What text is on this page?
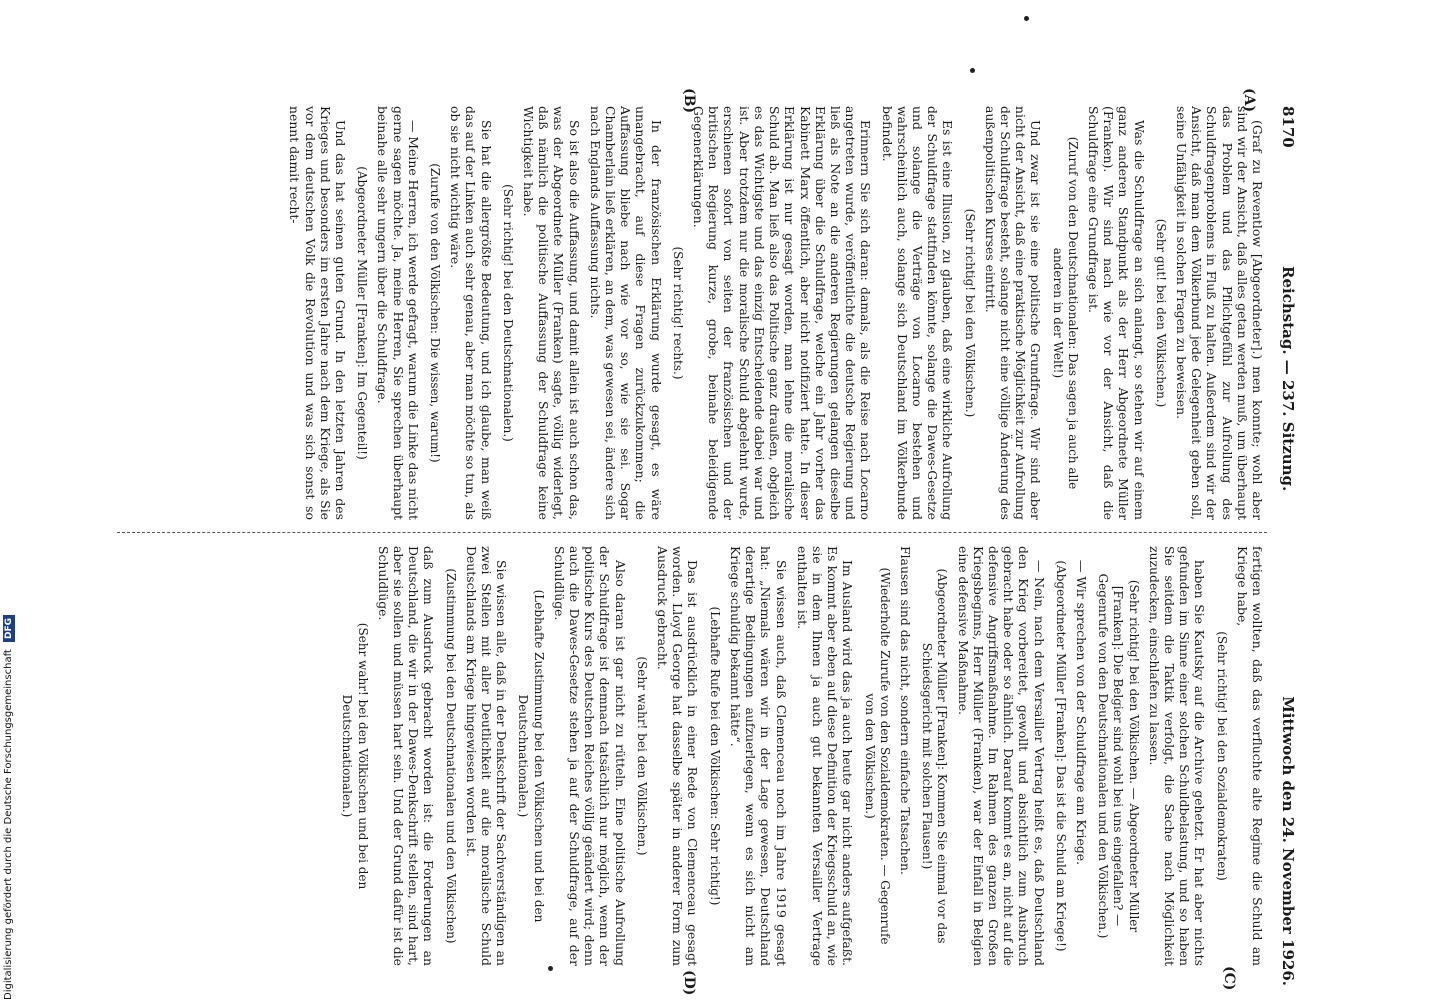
8170
Reichstag. — 237. Sitzung.
Mittwoch den 24. November 1926.
(A)
(B)
(C)
(D)

(Graf zu Reventlow [Abgeordneter].) men konnte; wohl aber sind wir der Ansicht, daß alles getan werden muß, um überhaupt das Problem und das Pflichtgefühl zur Aufrollung des Schuldfragenproblems in Fluß zu halten. Außerdem sind wir der Ansicht, daß man dem Völkerbund jede Gelegenheit geben soll, seine Unfähigkeit in solchen Fragen zu beweisen.

(Sehr gut! bei den Völkischen.)

Was die Schuldfrage an sich anlangt, so stehen wir auf einem ganz anderen Standpunkt als der Herr Abgeordnete Müller (Franken). Wir sind nach wie vor der Ansicht, daß die Schuldfrage eine Grundfrage ist.

(Zuruf von den Deutschnationalen: Das sagen ja auch alle anderen in der Welt!)

Und zwar ist sie eine politische Grundfrage. Wir sind aber nicht der Ansicht, daß eine praktische Möglichkeit zur Aufrollung der Schuldfrage besteht, solange nicht eine völlige Änderung des außenpolitischen Kurses eintritt.

(Sehr richtig! bei den Völkischen.)

Es ist eine Illusion, zu glauben, daß eine wirkliche Aufrollung der Schuldfrage stattfinden könnte, solange die Dawes-Gesetze und solange die Verträge von Locarno bestehen und wahrscheinlich auch, solange sich Deutschland im Völkerbunde befindet.

Erinnern Sie sich daran: damals, als die Reise nach Locarno angetreten wurde, veröffentlichte die deutsche Regierung und ließ als Note an die anderen Regierungen gelangen dieselbe Erklärung über die Schuldfrage, welche ein Jahr vorher das Kabinett Marx öffentlich, aber nicht notifiziert hatte. In dieser Erklärung ist nur gesagt worden, man lehne die moralische Schuld ab. Man ließ also das Politische ganz draußen, obgleich es das Wichtigste und das einzig Entscheidende dabei war und ist. Aber trotzdem nur die moralische Schuld abgelehnt wurde, erschienen sofort von seiten der französischen und der britischen Regierung kurze, grobe, beinahe beleidigende Gegenerklärungen.

(Sehr richtig! rechts.)

In der französischen Erklärung wurde gesagt, es wäre unangebracht, auf diese Fragen zurückzukommen; die Auffassung bliebe nach wie vor so, wie sie sei. Sogar Chamberlain ließ erklären, an dem, was gewesen sei, ändere sich nach Englands Auffassung nichts.

So ist also die Auffassung, und damit allein ist auch schon das, was der Abgeordnete Müller (Franken) sagte, völlig widerlegt, daß nämlich die politische Auffassung der Schuldfrage keine Wichtigkeit habe.

(Sehr richtig! bei den Deutschnationalen.)

Sie hat die allergrößte Bedeutung, und ich glaube, man weiß das auf der Linken auch sehr genau, aber man möchte so tun, als ob sie nicht wichtig wäre.

(Zurufe von den Völkischen: Die wissen, warum!)

— Meine Herren, ich werde gefragt, warum die Linke das nicht gerne sagen möchte. Ja, meine Herren, Sie sprechen überhaupt beinahe alle sehr ungern über die Schuldfrage.

(Abgeordneter Müller [Franken]: Im Gegenteil!)

Und das hat seinen guten Grund. In den letzten Jahren des Krieges und besonders im ersten Jahre nach dem Kriege, als Sie vor dem deutschen Volk die Revolution und was sich sonst so nennt damit recht-

fertigen wollten, daß das verfluchte alte Regime die Schuld am Kriege habe,

(Sehr richtig! bei den Sozialdemokraten)

haben Sie Kautsky auf die Archive gehetzt. Er hat aber nichts gefunden im Sinne einer solchen Schuldbelastung, und so haben Sie seitdem die Taktik verfolgt, die Sache nach Möglichkeit zuzudecken, einschlafen zu lassen.

(Sehr richtig! bei den Völkischen. — Abgeordneter Müller [Franken]: Die Belgier sind wohl bei uns eingefallen? — Gegenrufe von den Deutschnationalen und den Völkischen.)

— Wir sprechen von der Schuldfrage am Kriege.

(Abgeordneter Müller [Franken]: Das ist die Schuld am Kriege!)

— Nein, nach dem Versailler Vertrag heißt es, daß Deutschland den Krieg vorbereitet, gewollt und absichtlich zum Ausbruch gebracht habe oder so ähnlich. Darauf kommt es an, nicht auf die defensive Angriffsmaßnahme. Im Rahmen des ganzen Großen Kriegsbeginns, Herr Müller (Franken), war der Einfall in Belgien eine defensive Maßnahme.

(Abgeordneter Müller [Franken]: Kommen Sie einmal vor das Schiedsgericht mit solchen Flausen!)

Flausen sind das nicht, sondern einfache Tatsachen.

(Wiederholte Zurufe von den Sozialdemokraten. — Gegenrufe von den Völkischen.)

Im Ausland wird das ja auch heute gar nicht anders aufgefaßt. Es kommt aber eben auf diese Definition der Kriegsschuld an, wie sie in dem Ihnen ja auch gut bekannten Versailler Vertrage enthalten ist.

Sie wissen auch, daß Clemenceau noch im Jahre 1919 gesagt hat: „Niemals wären wir in der Lage gewesen, Deutschland derartige Bedingungen aufzuerlegen, wenn es sich nicht am Kriege schuldig bekannt hätte“.

(Lebhafte Rufe bei den Völkischen: Sehr richtig!)

Das ist ausdrücklich in einer Rede von Clemenceau gesagt worden. Lloyd George hat dasselbe später in anderer Form zum Ausdruck gebracht.

(Sehr wahr! bei den Völkischen.)

Also daran ist gar nicht zu rütteln. Eine politische Aufrollung der Schuldfrage ist demnach tatsächlich nur möglich, wenn der politische Kurs des Deutschen Reiches völlig geändert wird; denn auch die Dawes-Gesetze stehen ja auf der Schuldfrage, auf der Schuldlüge.

(Lebhafte Zustimmung bei den Völkischen und bei den Deutschnationalen.)

Sie wissen alle, daß in der Denkschrift der Sachverständigen an zwei Stellen mit aller Deutlichkeit auf die moralische Schuld Deutschlands am Kriege hingewiesen worden ist.

(Zustimmung bei den Deutschnationalen und den Völkischen)

daß zum Ausdruck gebracht worden ist: die Forderungen an Deutschland, die wir in der Dawes-Denkschrift stellen, sind hart, aber sie sollen und müssen hart sein. Und der Grund dafür ist die Schuldlüge.

(Sehr wahr! bei den Völkischen und bei den Deutschnationalen.)

Digitalisierung gefördert durch die Deutsche Forschungsgemeinschaft DFG
